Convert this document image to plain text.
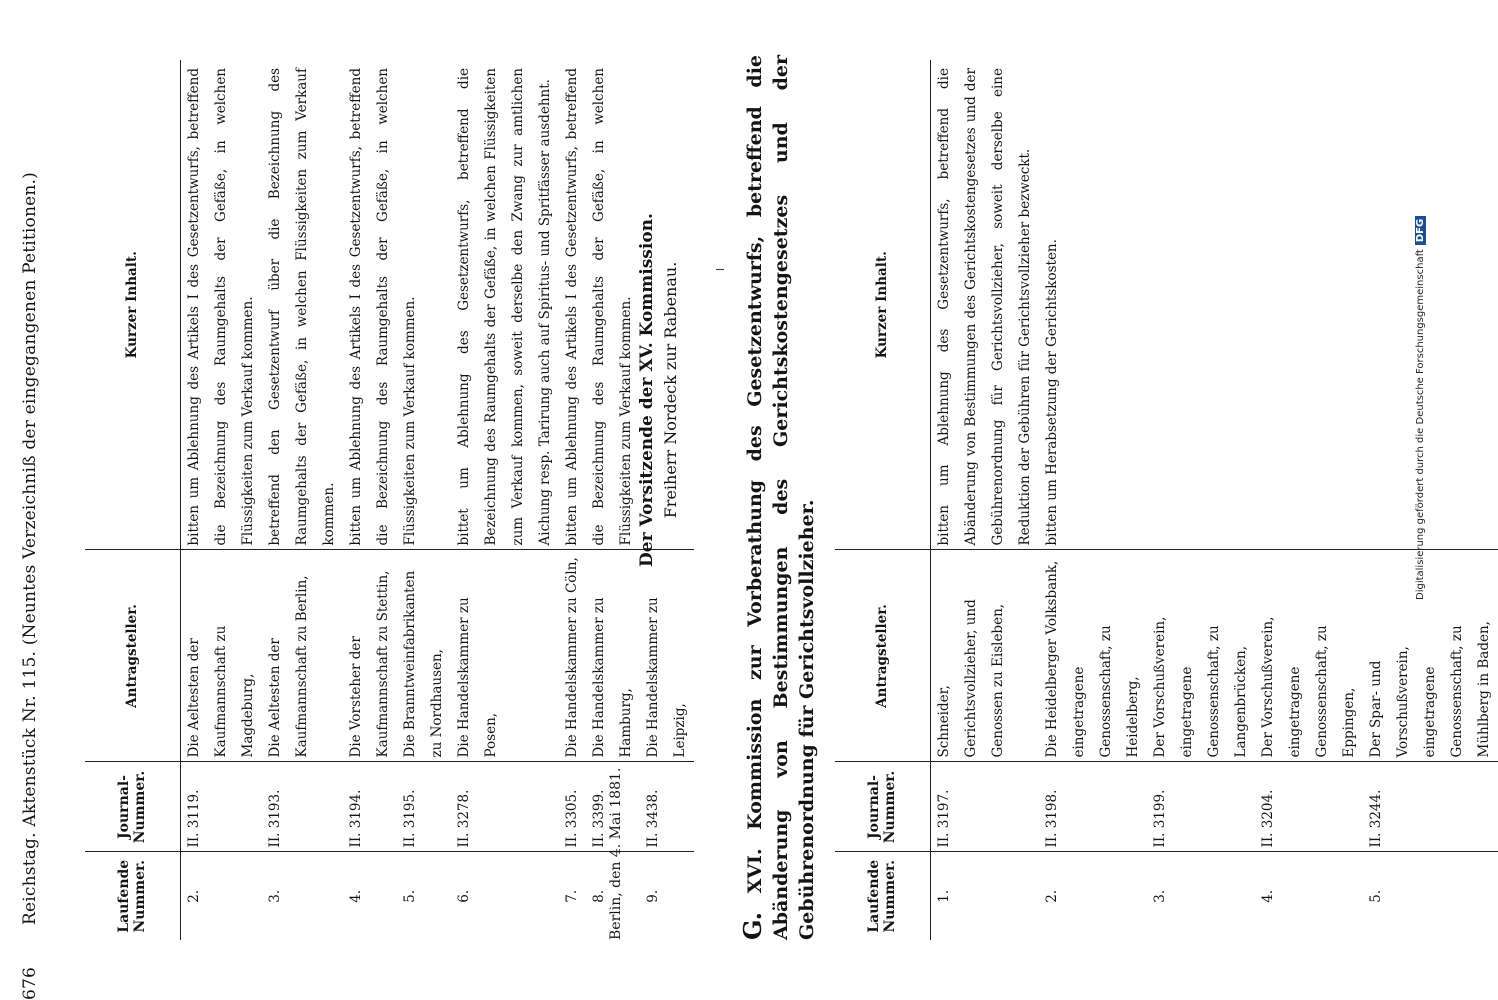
676
Reichstag. Aktenstück Nr. 115. (Neuntes Verzeichniß der eingegangenen Petitionen.)	Laufende Nummer.	Journal-Nummer.	Antragsteller.	Kurzer Inhalt.
2.	II. 3119.	Die Aeltesten der Kaufmannschaft zu Magdeburg,	bitten um Ablehnung des Artikels I des Gesetzentwurfs, betreffend die Bezeichnung des Raumgehalts der Gefäße, in welchen Flüssigkeiten zum Verkauf kommen.
3.	II. 3193.	Die Aeltesten der Kaufmannschaft zu Berlin,	betreffend den Gesetzentwurf über die Bezeichnung des Raumgehalts der Gefäße, in welchen Flüssigkeiten zum Verkauf kommen.
4.	II. 3194.	Die Vorsteher der Kaufmannschaft zu Stettin,	bitten um Ablehnung des Artikels I des Gesetzentwurfs, betreffend die Bezeichnung des Raumgehalts der Gefäße, in welchen Flüssigkeiten zum Verkauf kommen.
5.	II. 3195.	Die Branntweinfabrikanten zu Nordhausen,	
6.	II. 3278.	Die Handelskammer zu Posen,	bittet um Ablehnung des Gesetzentwurfs, betreffend die Bezeichnung des Raumgehalts der Gefäße, in welchen Flüssigkeiten zum Verkauf kommen, soweit derselbe den Zwang zur amtlichen Aichung resp. Tarirung auch auf Spiritus- und Spritfässer ausdehnt.
7.	II. 3305.	Die Handelskammer zu Cöln,	bitten um Ablehnung des Artikels I des Gesetzentwurfs, betreffend die Bezeichnung des Raumgehalts der Gefäße, in welchen Flüssigkeiten zum Verkauf kommen.
8.	II. 3399.	Die Handelskammer zu Hamburg,	
9.	II. 3438.	Die Handelskammer zu Leipzig,	
Berlin, den 4. Mai 1881.
Der Vorsitzende der XV. Kommission. Freiherr Nordeck zur Rabenau.
G. XVI. Kommission zur Vorberathung des Gesetzentwurfs, betreffend die Abänderung von Bestimmungen des Gerichtskostengesetzes und der Gebührenordnung für Gerichtsvollzieher.	Laufende Nummer.	Journal-Nummer.	Antragsteller.	Kurzer Inhalt.
1.	II. 3197.	Schneider, Gerichtsvollzieher, und Genossen zu Eisleben,	bitten um Ablehnung des Gesetzentwurfs, betreffend die Abänderung von Bestimmungen des Gerichtskostengesetzes und der Gebührenordnung für Gerichtsvollzieher, soweit derselbe eine Reduktion der Gebühren für Gerichtsvollzieher bezweckt.
2.	II. 3198.	Die Heidelberger Volksbank, eingetragene Genossenschaft, zu Heidelberg,	bitten um Herabsetzung der Gerichtskosten.
3.	II. 3199.	Der Vorschußverein, eingetragene Genossenschaft, zu Langenbrücken,	
4.	II. 3204.	Der Vorschußverein, eingetragene Genossenschaft, zu Eppingen,	
5.	II. 3244.	Der Spar- und Vorschußverein, eingetragene Genossenschaft, zu Mühlberg in Baden,	
Digitalisierung gefördert durch die Deutsche ForschungsgemeinschaftDFG
